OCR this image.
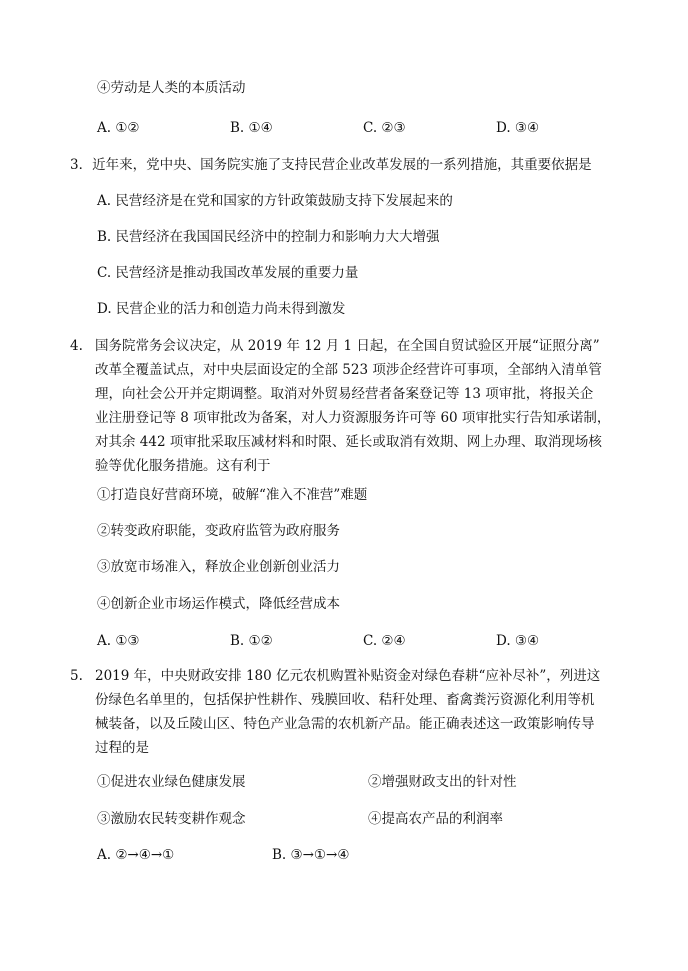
④劳动是人类的本质活动
A. ①②	B. ①④	C. ②③	D. ③④
3．近年来，党中央、国务院实施了支持民营企业改革发展的一系列措施，其重要依据是
A. 民营经济是在党和国家的方针政策鼓励支持下发展起来的
B. 民营经济在我国国民经济中的控制力和影响力大大增强
C. 民营经济是推动我国改革发展的重要力量
D. 民营企业的活力和创造力尚未得到激发
4. 国务院常务会议决定，从 2019 年 12 月 1 日起，在全国自贸试验区开展“证照分离”
改革全覆盖试点，对中央层面设定的全部 523 项涉企经营许可事项，全部纳入清单管
理，向社会公开并定期调整。取消对外贸易经营者备案登记等 13 项审批，将报关企
业注册登记等 8 项审批改为备案，对人力资源服务许可等 60 项审批实行告知承诺制，
对其余 442 项审批采取压减材料和时限、延长或取消有效期、网上办理、取消现场核
验等优化服务措施。这有利于
①打造良好营商环境，破解“准入不准营”难题
②转变政府职能，变政府监管为政府服务
③放宽市场准入，释放企业创新创业活力
④创新企业市场运作模式，降低经营成本
A. ①③	B. ①②	C. ②④	D. ③④
5. 2019 年，中央财政安排 180 亿元农机购置补贴资金对绿色春耕“应补尽补”，列进这
份绿色名单里的，包括保护性耕作、残膜回收、秸秆处理、畜禽粪污资源化利用等机
械装备，以及丘陵山区、特色产业急需的农机新产品。能正确表述这一政策影响传导
过程的是
①促进农业绿色健康发展	②增强财政支出的针对性
③激励农民转变耕作观念	④提高农产品的利润率
A. ②→④→①	B. ③→①→④
